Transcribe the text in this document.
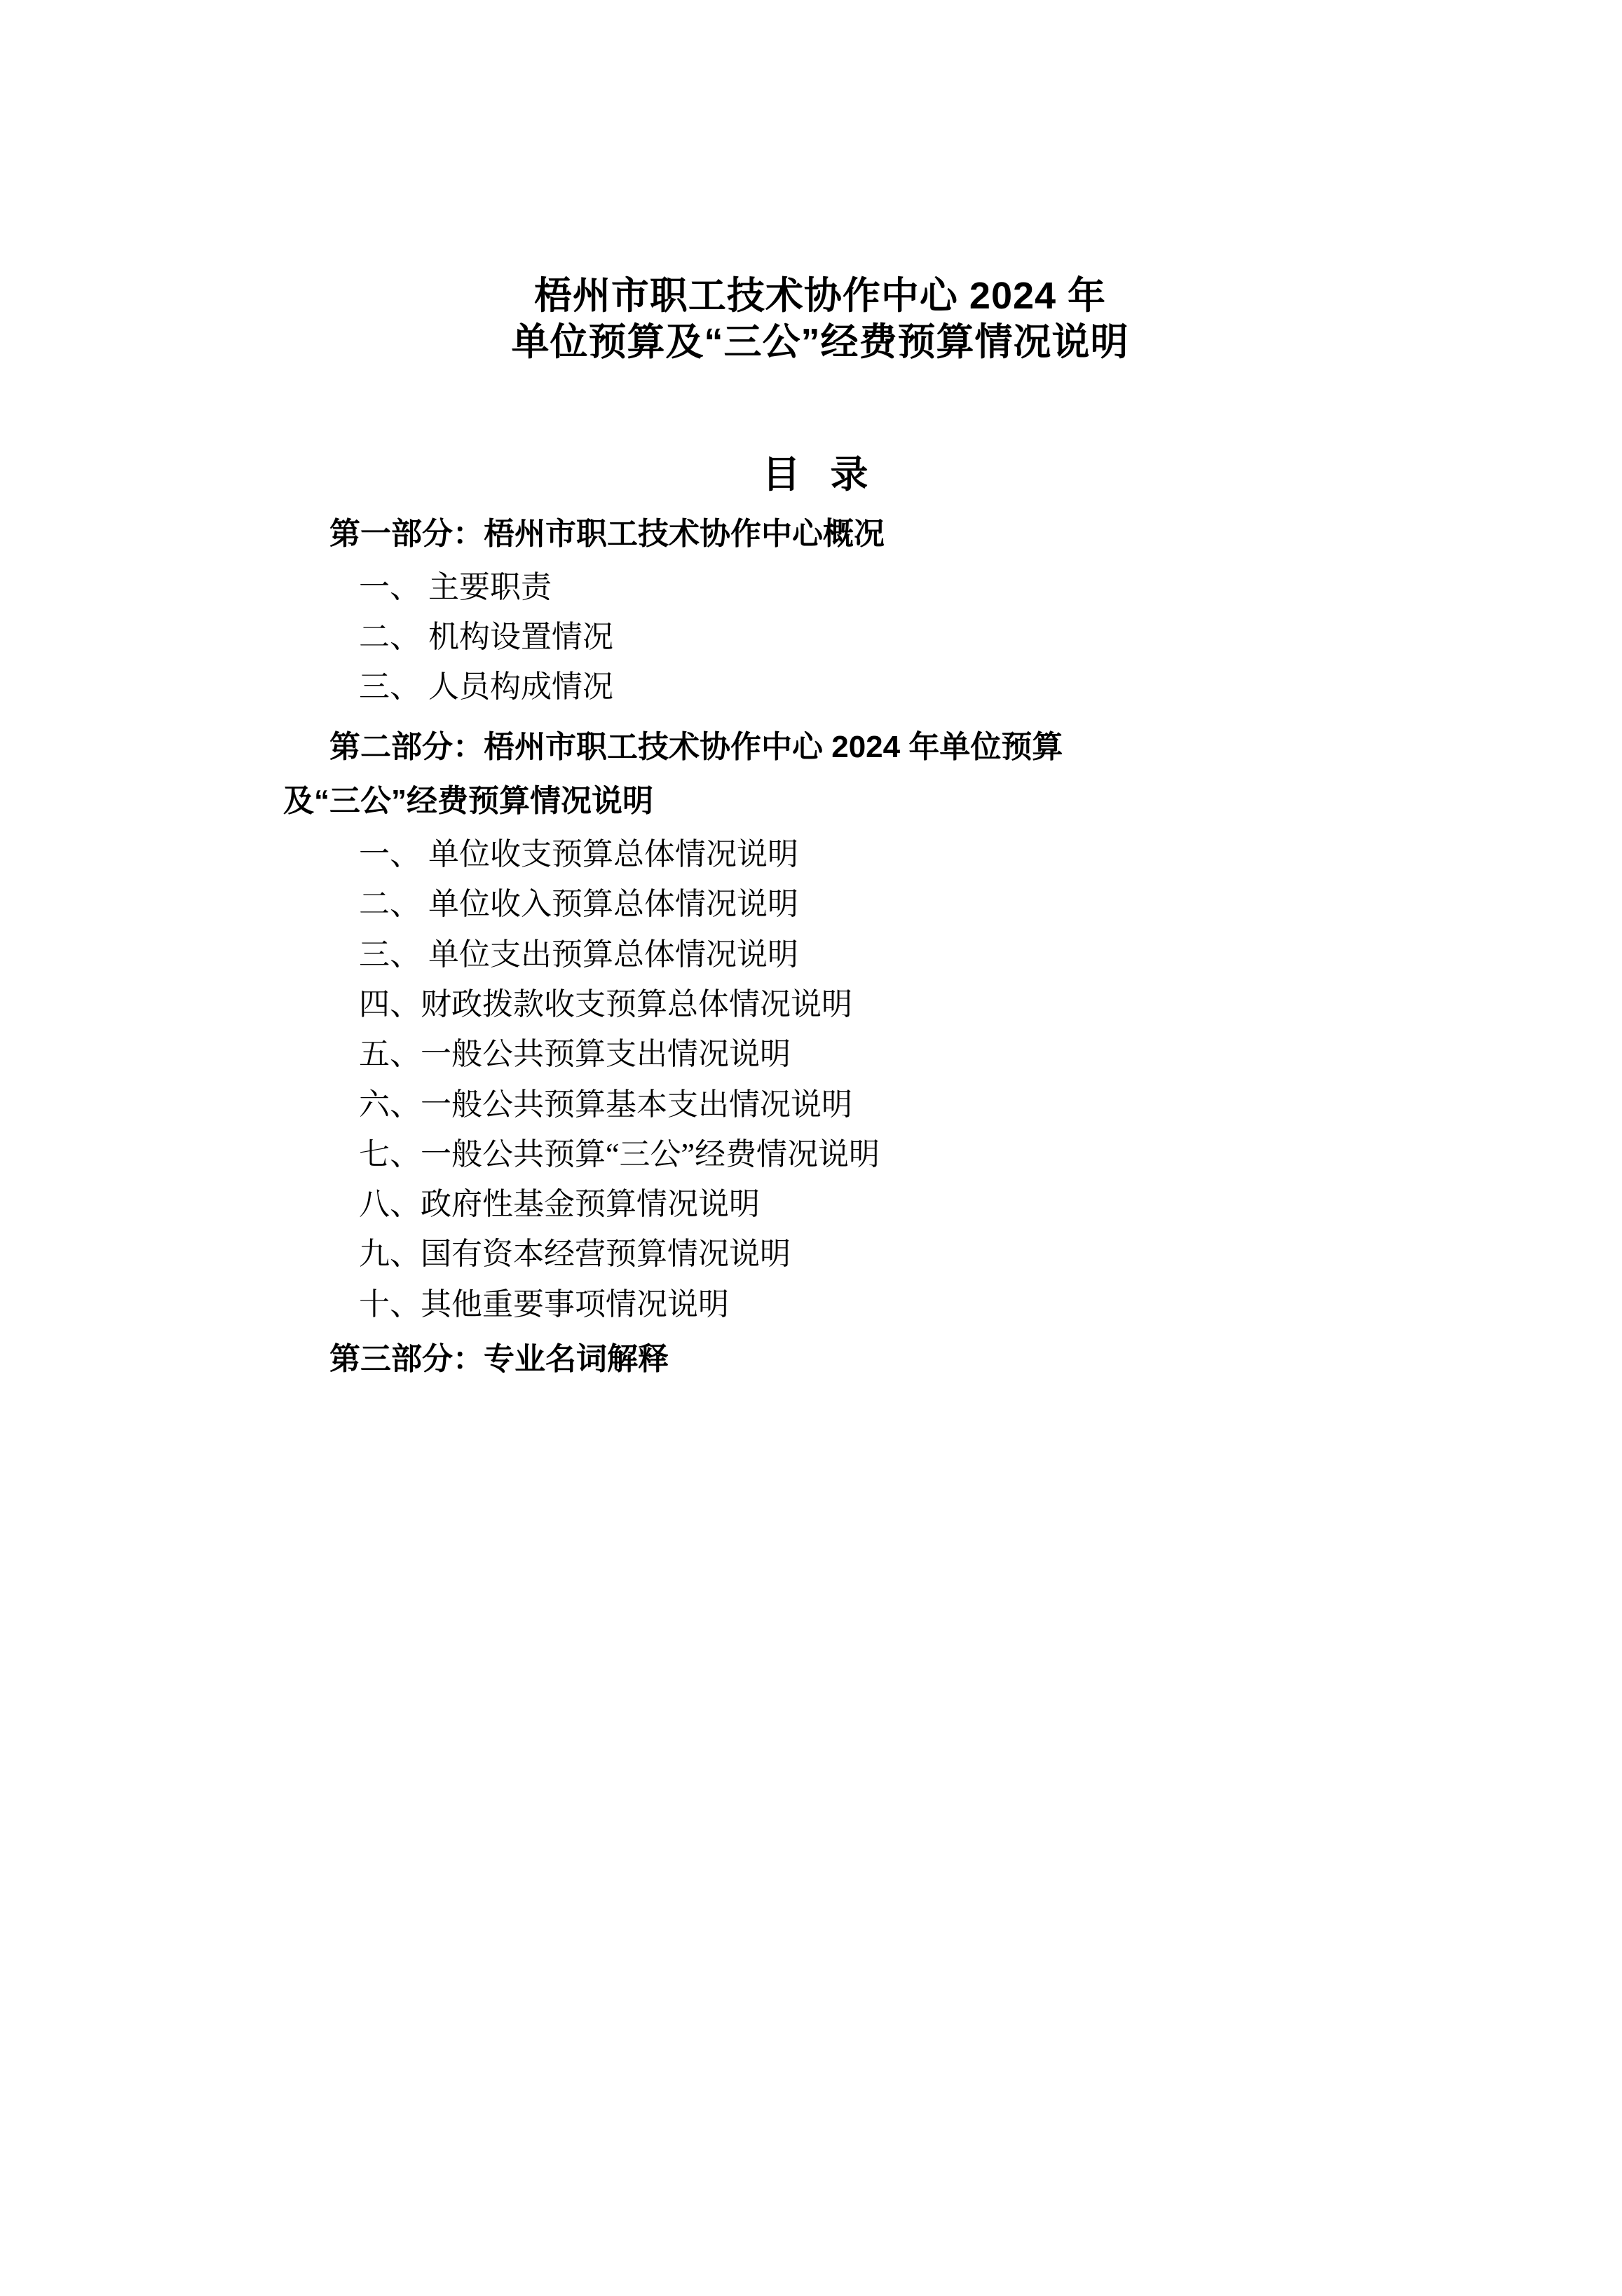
梧州市职工技术协作中心 2024 年
单位预算及“三公”经费预算情况说明
目 录
第一部分：梧州市职工技术协作中心概况
一、 主要职责
二、 机构设置情况
三、 人员构成情况
第二部分：梧州市职工技术协作中心 2024 年单位预算
及“三公”经费预算情况说明
一、 单位收支预算总体情况说明
二、 单位收入预算总体情况说明
三、 单位支出预算总体情况说明
四、财政拨款收支预算总体情况说明
五、一般公共预算支出情况说明
六、一般公共预算基本支出情况说明
七、一般公共预算“三公”经费情况说明
八、政府性基金预算情况说明
九、国有资本经营预算情况说明
十、其他重要事项情况说明
第三部分：专业名词解释
